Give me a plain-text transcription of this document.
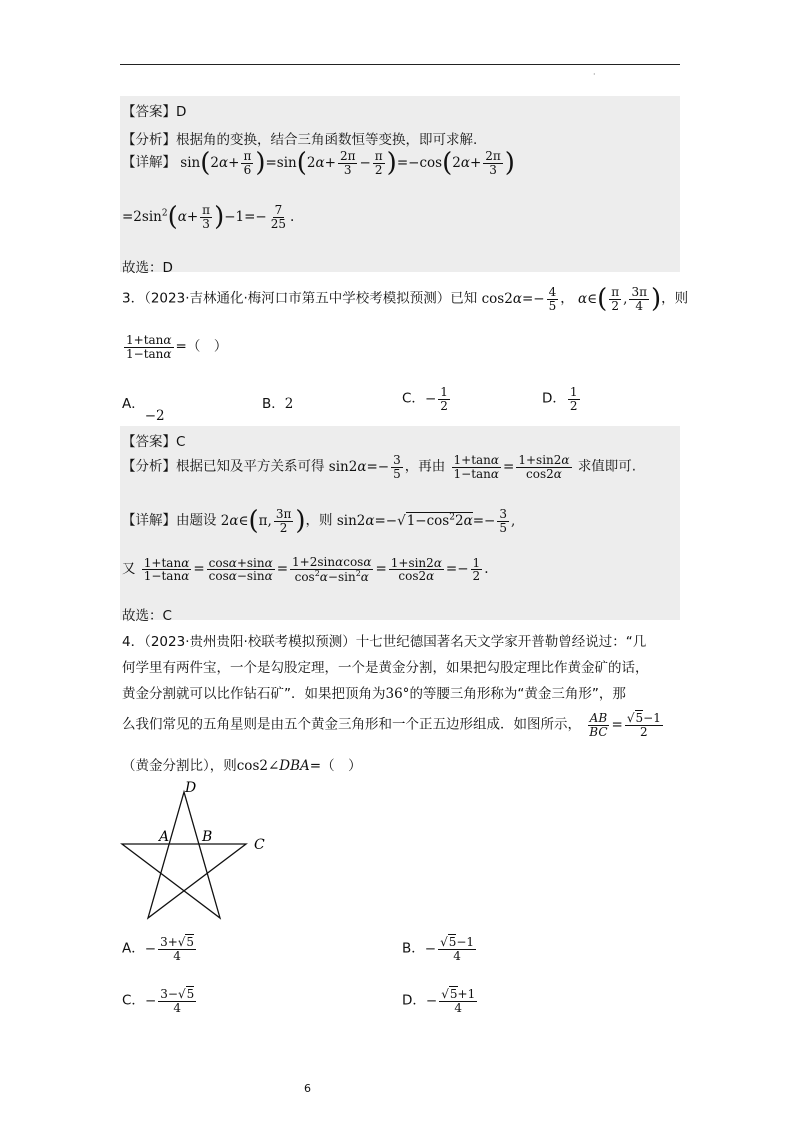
·
【答案】D
【分析】根据角的变换，结合三角函数恒等变换，即可求解.
【详解】 $\sin(2\alpha+ \frac{\pi}{6} )=\sin(2\alpha+ \frac{2\pi}{3} - \frac{\pi}{2} )=-\cos(2\alpha+ \frac{2\pi}{3}$ )
$=2\sin^2(\alpha+ \frac{\pi}{3} )-1=- \frac{7}{25}$ .
故选：D
3．（2023·吉林通化·梅河口市第五中学校考模拟预测）已知 $\cos 2\alpha=- \frac{4}{5}$ ， α∈( $\frac{\pi}{2}$ , $\frac{3\pi}{4}$ )，则
$\frac{1+\tan\alpha}{1-\tan\alpha}$ =（　）
A．−2
B．2	C．− $\frac{1}{2}$	D． $\frac{1}{2}$
【答案】C
【分析】根据已知及平方关系可得 $\sin 2\alpha=- \frac{3}{5}$ ，再由 $\frac{1+\tan\alpha}{1-\tan\alpha} = \frac{1+\sin 2\alpha}{\cos 2\alpha}$ 求值即可.
【详解】由题设 2α∈(π, $\frac{3\pi}{2}$ )，则 $\sin 2\alpha=-√1-\cos^22\alpha=- \frac{3}{5}$ ,
又 $\frac{1+\tan\alpha}{1-\tan\alpha} = \frac{\cos\alpha+\sin\alpha}{\cos\alpha-\sin\alpha} = \frac{1+2\sin\alpha\cos\alpha}{\cos^2\alpha-\sin^2\alpha} = \frac{1+\sin 2\alpha}{\cos 2\alpha} =- \frac{1}{2}$ .
故选：C
4．（2023·贵州贵阳·校联考模拟预测）十七世纪德国著名天文学家开普勒曾经说过：“几
何学里有两件宝，一个是勾股定理，一个是黄金分割，如果把勾股定理比作黄金矿的话，
黄金分割就可以比作钻石矿”．如果把顶角为36°的等腰三角形称为“黄金三角形”，那
么我们常见的五角星则是由五个黄金三角形和一个正五边形组成．如图所示， $\frac{AB}{BC} = \frac{√5-1}{2}$
（黄金分割比），则cos2∠DBA=（　）
D
A B	C
A．− $\frac{3+√5}{4}$	B．− $\frac{√5-1}{4}$
C．− $\frac{3-√5}{4}$	D．− $\frac{√5+1}{4}$
6
